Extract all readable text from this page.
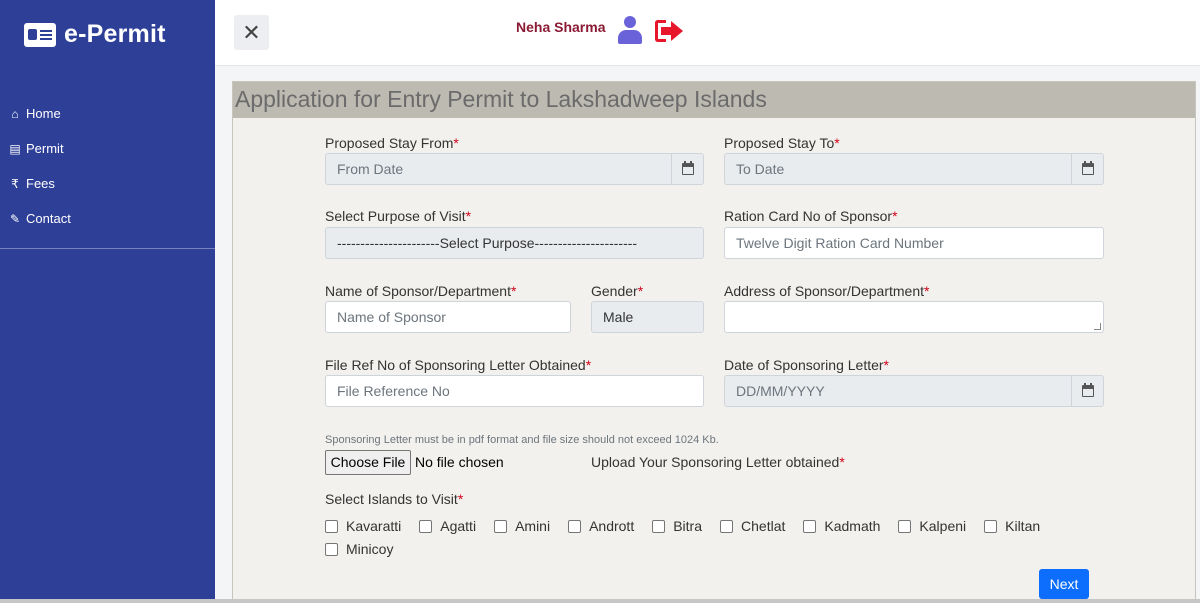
e-Permit
⌂ Home
▤ Permit
₹ Fees
✎ Contact
✕	Neha Sharma
Application for Entry Permit to Lakshadweep Islands
Proposed Stay From*
From Date
Proposed Stay To*
To Date
Select Purpose of Visit*
----------------------Select Purpose----------------------
Ration Card No of Sponsor*
Twelve Digit Ration Card Number
Name of Sponsor/Department*
Name of Sponsor
Gender*
Male
Address of Sponsor/Department*
File Ref No of Sponsoring Letter Obtained*
File Reference No
Date of Sponsoring Letter*
DD/MM/YYYY
Sponsoring Letter must be in pdf format and file size should not exceed 1024 Kb.
Choose File No file chosen	Upload Your Sponsoring Letter obtained*
Select Islands to Visit*
Kavaratti	Agatti	Amini	Andrott	Bitra	Chetlat	Kadmath	Kalpeni	Kiltan
Minicoy
Next
